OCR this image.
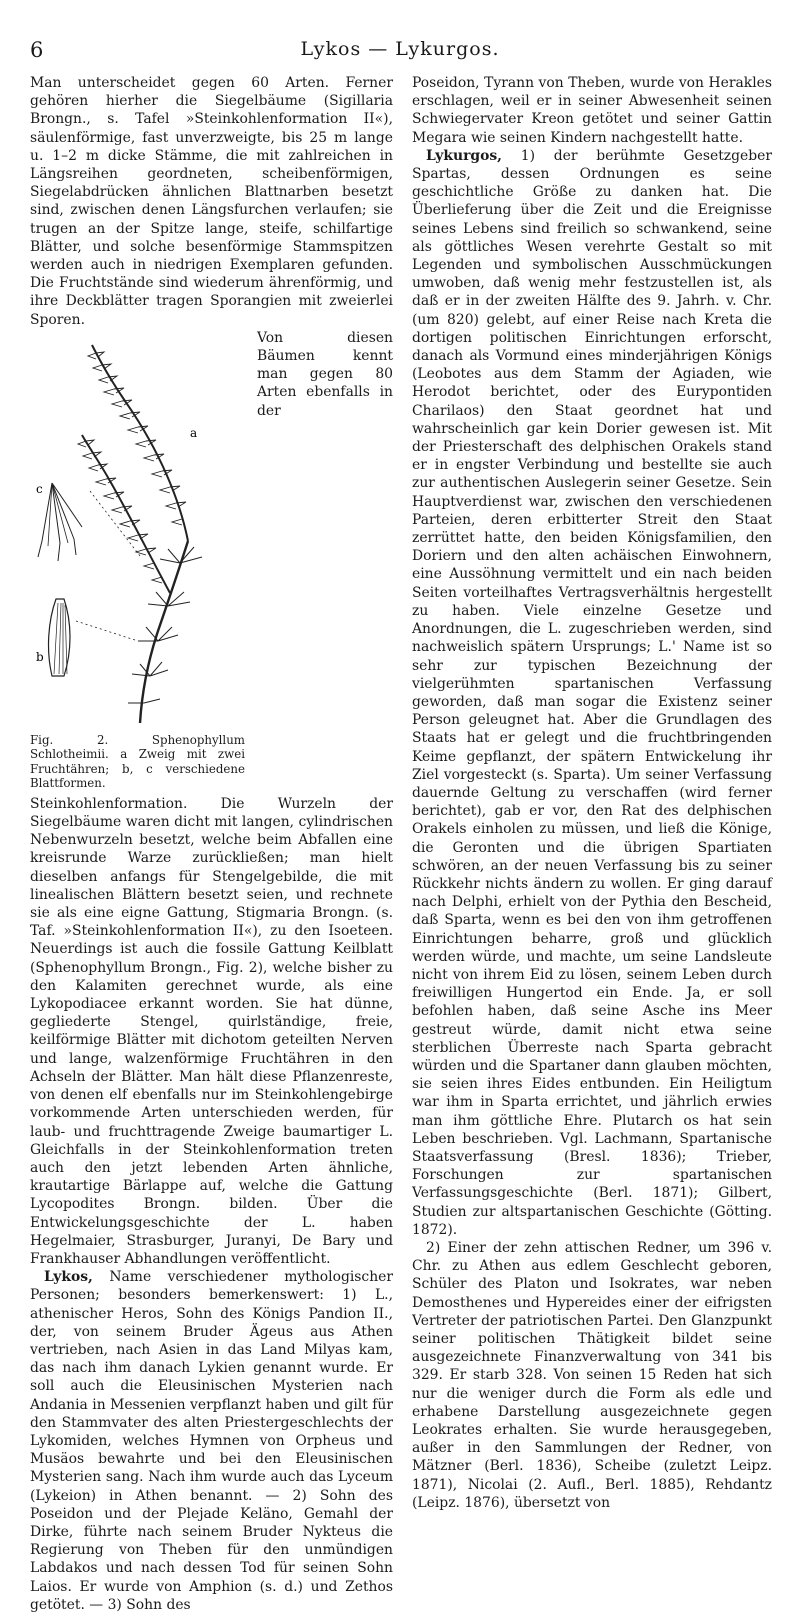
6	Lykos — Lykurgos.

Man unterscheidet gegen 60 Arten. Ferner gehören hierher die Siegelbäume (Sigillaria Brongn., s. Tafel »Steinkohlenformation II«), säulenförmige, fast unverzweigte, bis 25 m lange u. 1–2 m dicke Stämme, die mit zahlreichen in Längsreihen geordneten, scheibenförmigen, Siegelabdrücken ähnlichen Blattnarben besetzt sind, zwischen denen Längsfurchen verlaufen; sie trugen an der Spitze lange, steife, schilfartige Blätter, und solche besenförmige Stammspitzen werden auch in niedrigen Exemplaren gefunden. Die Fruchtstände sind wiederum ährenförmig, und ihre Deckblätter tragen Sporangien mit zweierlei Sporen.

a
c
b
Fig. 2. Sphenophyllum Schlotheimii. a Zweig mit zwei Fruchtähren; b, c verschiedene Blattformen.

Von diesen Bäumen kennt man gegen 80 Arten ebenfalls in der Steinkohlenformation. Die Wurzeln der Siegelbäume waren dicht mit langen, cylindrischen Nebenwurzeln besetzt, welche beim Abfallen eine kreisrunde Warze zurückließen; man hielt dieselben anfangs für Stengelgebilde, die mit linealischen Blättern besetzt seien, und rechnete sie als eine eigne Gattung, Stigmaria Brongn. (s. Taf. »Steinkohlenformation II«), zu den Isoeteen. Neuerdings ist auch die fossile Gattung Keilblatt (Sphenophyllum Brongn., Fig. 2), welche bisher zu den Kalamiten gerechnet wurde, als eine Lykopodiacee erkannt worden. Sie hat dünne, gegliederte Stengel, quirlständige, freie, keilförmige Blätter mit dichotom geteilten Nerven und lange, walzenförmige Fruchtähren in den Achseln der Blätter. Man hält diese Pflanzenreste, von denen elf ebenfalls nur im Steinkohlengebirge vorkommende Arten unterschieden werden, für laub- und fruchttragende Zweige baumartiger L. Gleichfalls in der Steinkohlenformation treten auch den jetzt lebenden Arten ähnliche, krautartige Bärlappe auf, welche die Gattung Lycopodites Brongn. bilden. Über die Entwickelungsgeschichte der L. haben Hegelmaier, Strasburger, Juranyi, De Bary und Frankhauser Abhandlungen veröffentlicht.

Lykos, Name verschiedener mythologischer Personen; besonders bemerkenswert: 1) L., athenischer Heros, Sohn des Königs Pandion II., der, von seinem Bruder Ägeus aus Athen vertrieben, nach Asien in das Land Milyas kam, das nach ihm danach Lykien genannt wurde. Er soll auch die Eleusinischen Mysterien nach Andania in Messenien verpflanzt haben und gilt für den Stammvater des alten Priestergeschlechts der Lykomiden, welches Hymnen von Orpheus und Musäos bewahrte und bei den Eleusinischen Mysterien sang. Nach ihm wurde auch das Lyceum (Lykeion) in Athen benannt. — 2) Sohn des Poseidon und der Plejade Keläno, Gemahl der Dirke, führte nach seinem Bruder Nykteus die Regierung von Theben für den unmündigen Labdakos und nach dessen Tod für seinen Sohn Laios. Er wurde von Amphion (s. d.) und Zethos getötet. — 3) Sohn des

Poseidon, Tyrann von Theben, wurde von Herakles erschlagen, weil er in seiner Abwesenheit seinen Schwiegervater Kreon getötet und seiner Gattin Megara wie seinen Kindern nachgestellt hatte.

Lykurgos, 1) der berühmte Gesetzgeber Spartas, dessen Ordnungen es seine geschichtliche Größe zu danken hat. Die Überlieferung über die Zeit und die Ereignisse seines Lebens sind freilich so schwankend, seine als göttliches Wesen verehrte Gestalt so mit Legenden und symbolischen Ausschmückungen umwoben, daß wenig mehr festzustellen ist, als daß er in der zweiten Hälfte des 9. Jahrh. v. Chr. (um 820) gelebt, auf einer Reise nach Kreta die dortigen politischen Einrichtungen erforscht, danach als Vormund eines minderjährigen Königs (Leobotes aus dem Stamm der Agiaden, wie Herodot berichtet, oder des Eurypontiden Charilaos) den Staat geordnet hat und wahrscheinlich gar kein Dorier gewesen ist. Mit der Priesterschaft des delphischen Orakels stand er in engster Verbindung und bestellte sie auch zur authentischen Auslegerin seiner Gesetze. Sein Hauptverdienst war, zwischen den verschiedenen Parteien, deren erbitterter Streit den Staat zerrüttet hatte, den beiden Königsfamilien, den Doriern und den alten achäischen Einwohnern, eine Aussöhnung vermittelt und ein nach beiden Seiten vorteilhaftes Vertragsverhältnis hergestellt zu haben. Viele einzelne Gesetze und Anordnungen, die L. zugeschrieben werden, sind nachweislich spätern Ursprungs; L.' Name ist so sehr zur typischen Bezeichnung der vielgerühmten spartanischen Verfassung geworden, daß man sogar die Existenz seiner Person geleugnet hat. Aber die Grundlagen des Staats hat er gelegt und die fruchtbringenden Keime gepflanzt, der spätern Entwickelung ihr Ziel vorgesteckt (s. Sparta). Um seiner Verfassung dauernde Geltung zu verschaffen (wird ferner berichtet), gab er vor, den Rat des delphischen Orakels einholen zu müssen, und ließ die Könige, die Geronten und die übrigen Spartiaten schwören, an der neuen Verfassung bis zu seiner Rückkehr nichts ändern zu wollen. Er ging darauf nach Delphi, erhielt von der Pythia den Bescheid, daß Sparta, wenn es bei den von ihm getroffenen Einrichtungen beharre, groß und glücklich werden würde, und machte, um seine Landsleute nicht von ihrem Eid zu lösen, seinem Leben durch freiwilligen Hungertod ein Ende. Ja, er soll befohlen haben, daß seine Asche ins Meer gestreut würde, damit nicht etwa seine sterblichen Überreste nach Sparta gebracht würden und die Spartaner dann glauben möchten, sie seien ihres Eides entbunden. Ein Heiligtum war ihm in Sparta errichtet, und jährlich erwies man ihm göttliche Ehre. Plutarch os hat sein Leben beschrieben. Vgl. Lachmann, Spartanische Staatsverfassung (Bresl. 1836); Trieber, Forschungen zur spartanischen Verfassungsgeschichte (Berl. 1871); Gilbert, Studien zur altspartanischen Geschichte (Götting. 1872).

2) Einer der zehn attischen Redner, um 396 v. Chr. zu Athen aus edlem Geschlecht geboren, Schüler des Platon und Isokrates, war neben Demosthenes und Hypereides einer der eifrigsten Vertreter der patriotischen Partei. Den Glanzpunkt seiner politischen Thätigkeit bildet seine ausgezeichnete Finanzverwaltung von 341 bis 329. Er starb 328. Von seinen 15 Reden hat sich nur die weniger durch die Form als edle und erhabene Darstellung ausgezeichnete gegen Leokrates erhalten. Sie wurde herausgegeben, außer in den Sammlungen der Redner, von Mätzner (Berl. 1836), Scheibe (zuletzt Leipz. 1871), Nicolai (2. Aufl., Berl. 1885), Rehdantz (Leipz. 1876), übersetzt von
